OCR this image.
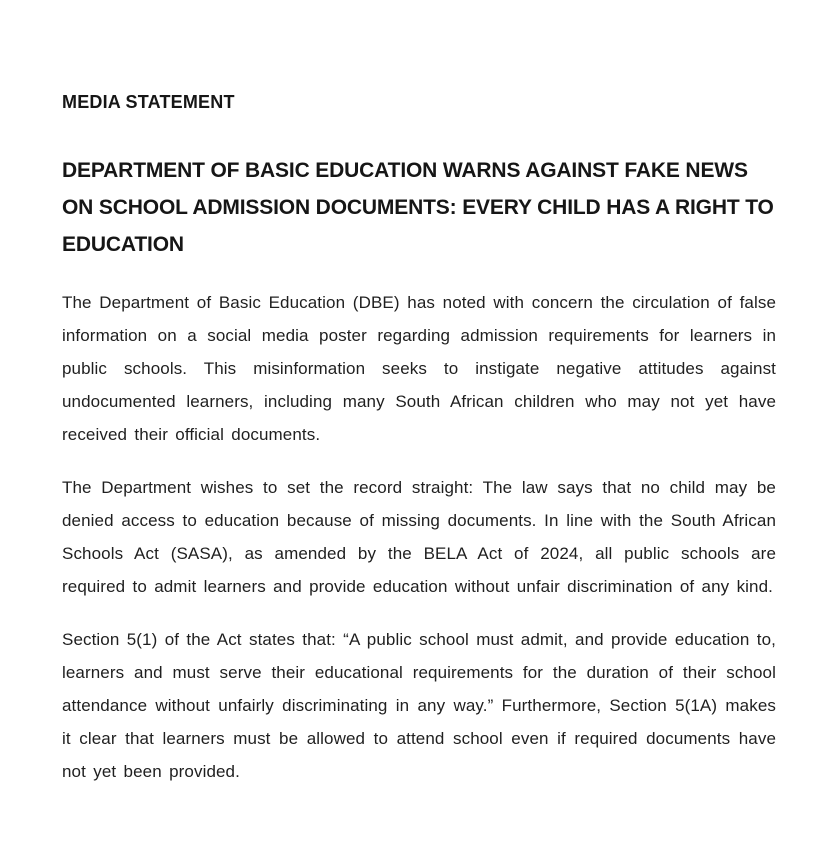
MEDIA STATEMENT
DEPARTMENT OF BASIC EDUCATION WARNS AGAINST FAKE NEWS ON SCHOOL ADMISSION DOCUMENTS: EVERY CHILD HAS A RIGHT TO EDUCATION

The Department of Basic Education (DBE) has noted with concern the circulation of false information on a social media poster regarding admission requirements for learners in public schools. This misinformation seeks to instigate negative attitudes against undocumented learners, including many South African children who may not yet have received their official documents.

The Department wishes to set the record straight: The law says that no child may be denied access to education because of missing documents. In line with the South African Schools Act (SASA), as amended by the BELA Act of 2024, all public schools are required to admit learners and provide education without unfair discrimination of any kind.

Section 5(1) of the Act states that: “A public school must admit, and provide education to, learners and must serve their educational requirements for the duration of their school attendance without unfairly discriminating in any way.” Furthermore, Section 5(1A) makes it clear that learners must be allowed to attend school even if required documents have not yet been provided.
